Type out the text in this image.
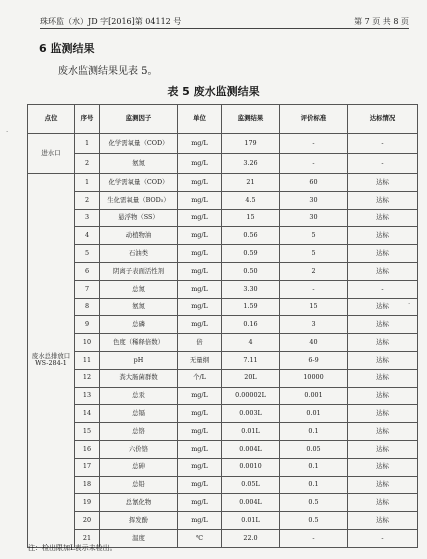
珠环监（水）JD 字[2016]第 04112 号	第 7 页 共 8 页
6 监测结果
废水监测结果见表 5。
表 5 废水监测结果
点位	序号	监测因子	单位	监测结果	评价标准	达标情况
进水口	1	化学需氧量（COD）	mg/L	179	-	-
	2	氨氮	mg/L	3.26	-	-
废水总排放口 WS-284-1	1	化学需氧量（COD）	mg/L	21	60	达标
	2	生化需氧量（BOD₅）	mg/L	4.5	30	达标
	3	悬浮物（SS）	mg/L	15	30	达标
	4	动植物油	mg/L	0.56	5	达标
	5	石油类	mg/L	0.59	5	达标
	6	阴离子表面活性剂	mg/L	0.50	2	达标
	7	总氮	mg/L	3.30	-	-
	8	氨氮	mg/L	1.59	15	达标
	9	总磷	mg/L	0.16	3	达标
	10	色度（稀释倍数）	倍	4	40	达标
	11	pH	无量纲	7.11	6-9	达标
	12	粪大肠菌群数	个/L	20L	10000	达标
	13	总汞	mg/L	0.00002L	0.001	达标
	14	总镉	mg/L	0.003L	0.01	达标
	15	总铬	mg/L	0.01L	0.1	达标
	16	六价铬	mg/L	0.004L	0.05	达标
	17	总砷	mg/L	0.0010	0.1	达标
	18	总铅	mg/L	0.05L	0.1	达标
	19	总氰化物	mg/L	0.004L	0.5	达标
	20	挥发酚	mg/L	0.01L	0.5	达标
	21	温度	℃	22.0	-	-
注：检出限加L表示未检出。
·
·
